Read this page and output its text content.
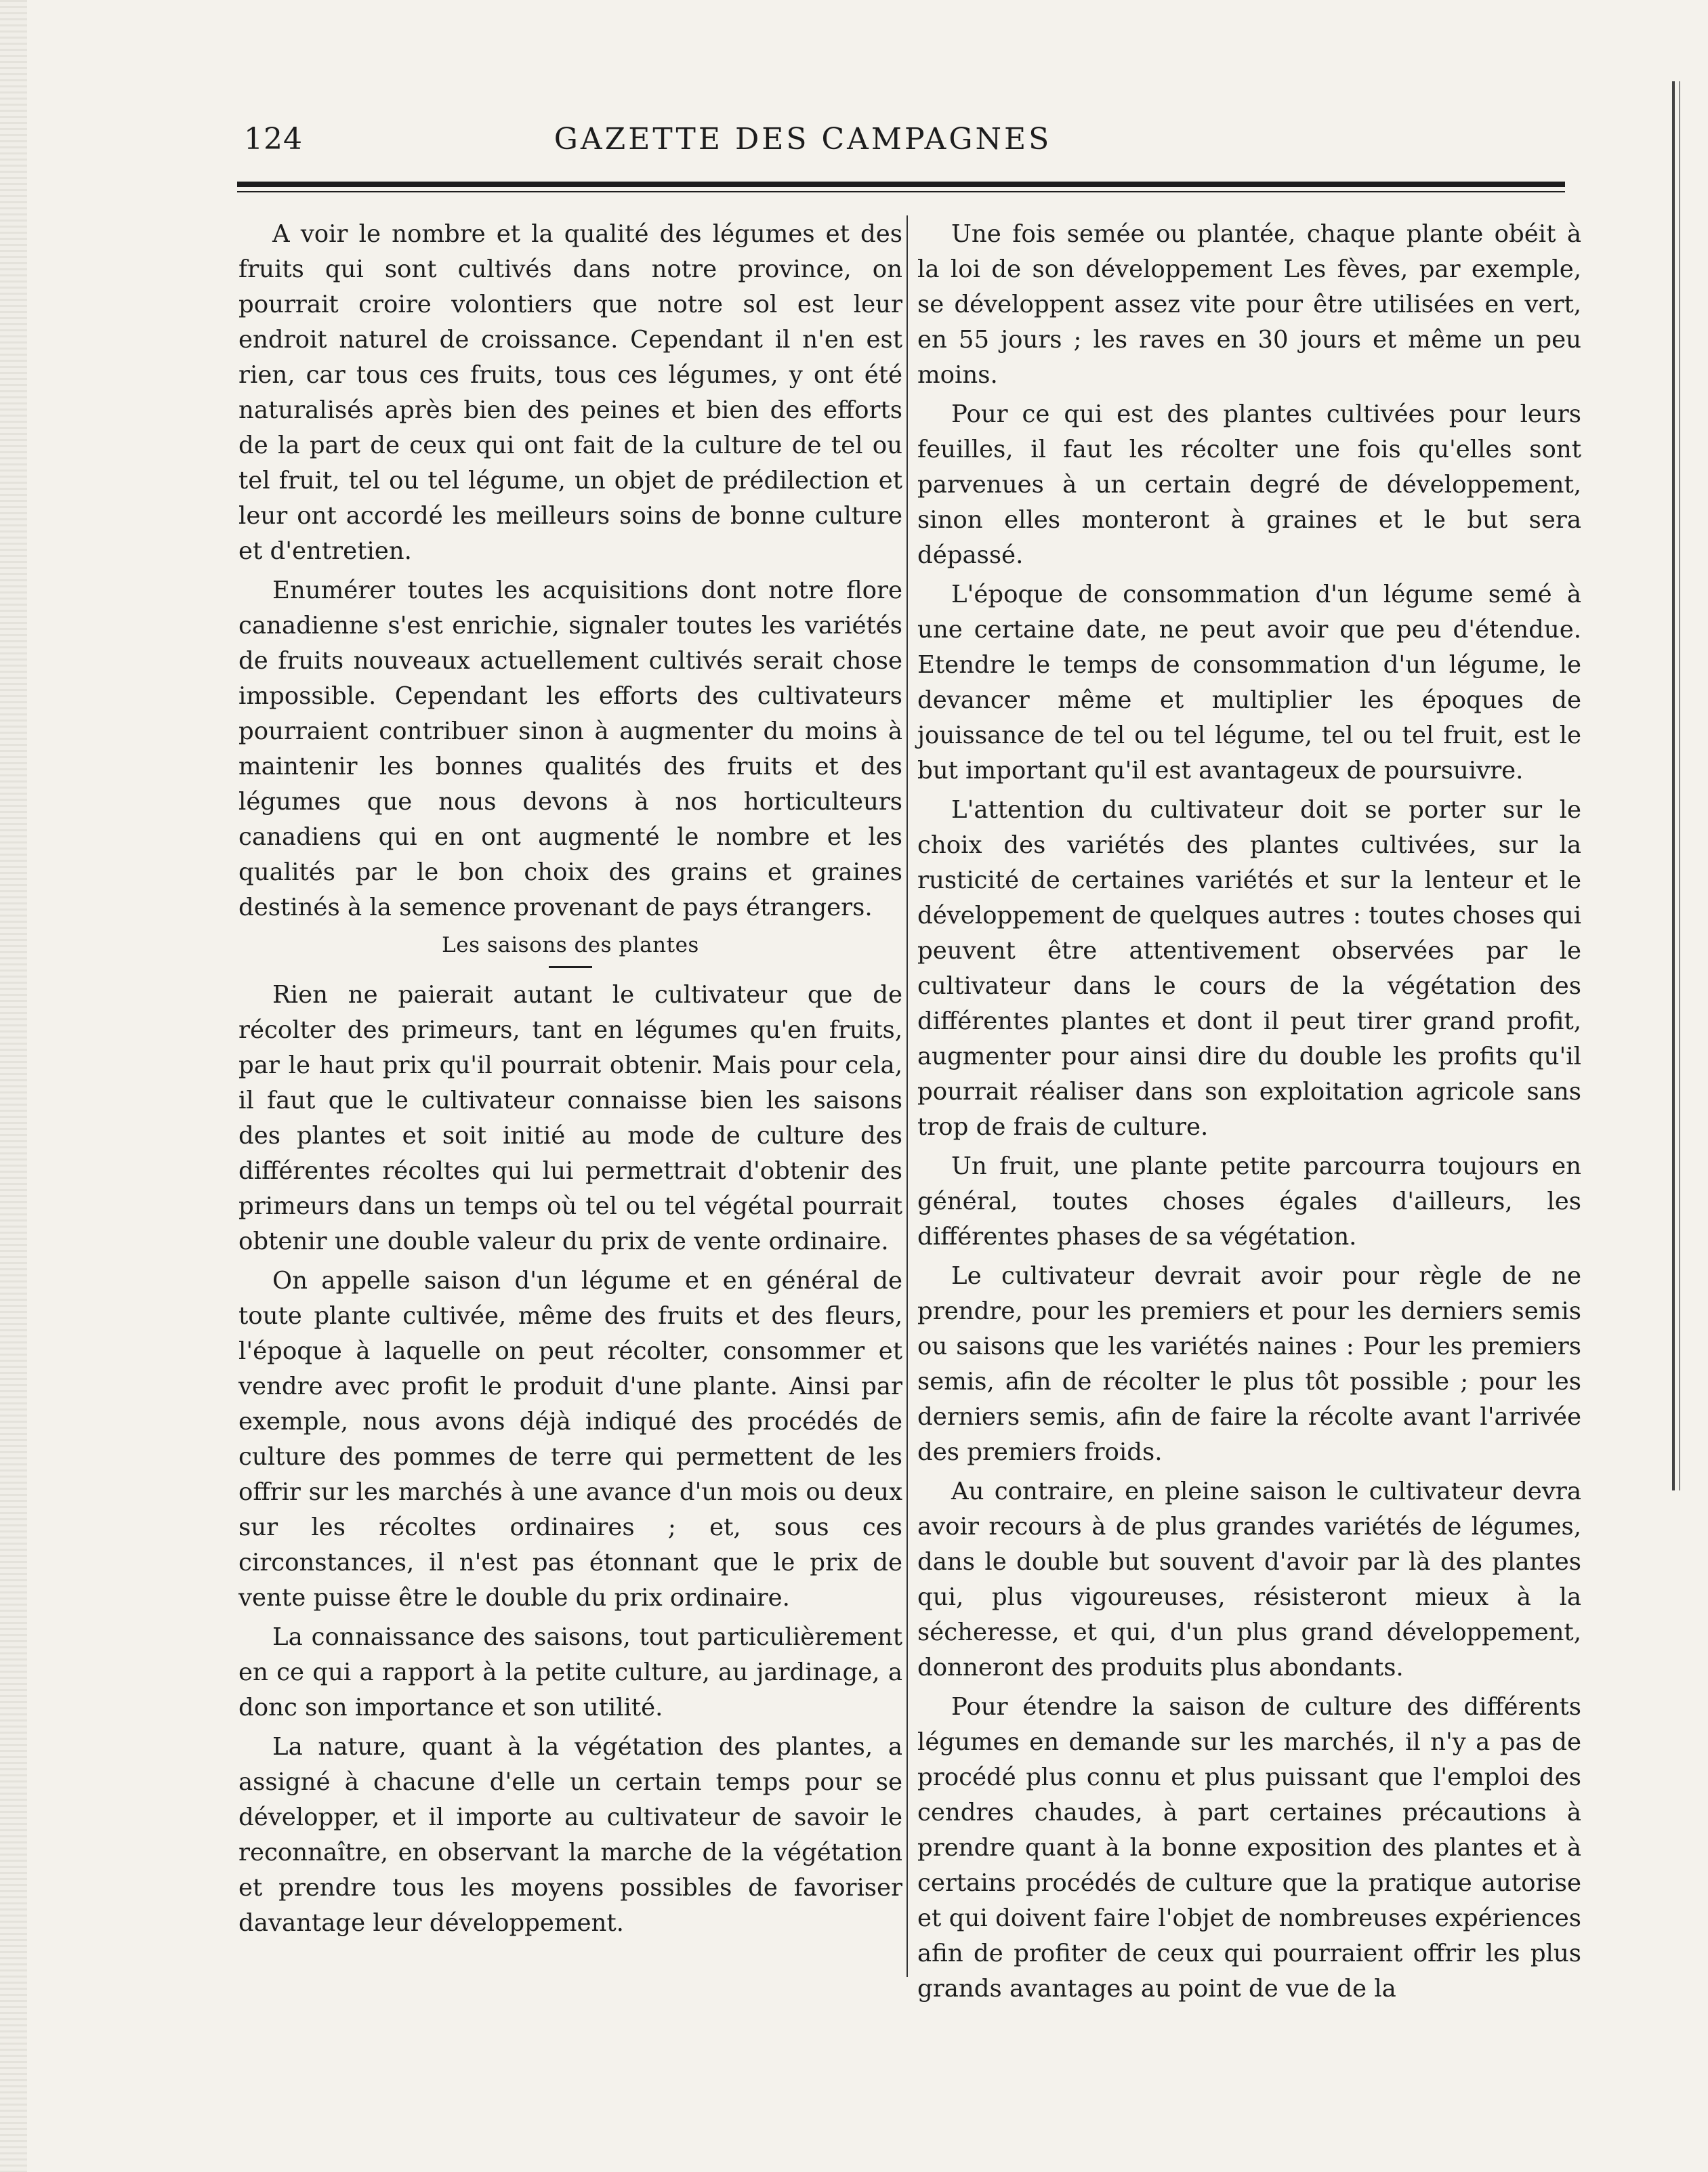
124	GAZETTE DES CAMPAGNES

A voir le nombre et la qualité des légumes et des fruits qui sont cultivés dans notre province, on pourrait croire volontiers que notre sol est leur endroit naturel de croissance. Cependant il n'en est rien, car tous ces fruits, tous ces légumes, y ont été naturalisés après bien des peines et bien des efforts de la part de ceux qui ont fait de la culture de tel ou tel fruit, tel ou tel légume, un objet de prédilection et leur ont accordé les meilleurs soins de bonne culture et d'entretien.

Enumérer toutes les acquisitions dont notre flore canadienne s'est enrichie, signaler toutes les variétés de fruits nouveaux actuellement cultivés serait chose impossible. Cependant les efforts des cultivateurs pourraient contribuer sinon à augmenter du moins à maintenir les bonnes qualités des fruits et des légumes que nous devons à nos horticulteurs canadiens qui en ont augmenté le nombre et les qualités par le bon choix des grains et graines destinés à la semence provenant de pays étrangers.

Les saisons des plantes

Rien ne paierait autant le cultivateur que de récolter des primeurs, tant en légumes qu'en fruits, par le haut prix qu'il pourrait obtenir. Mais pour cela, il faut que le cultivateur connaisse bien les saisons des plantes et soit initié au mode de culture des différentes récoltes qui lui permettrait d'obtenir des primeurs dans un temps où tel ou tel végétal pourrait obtenir une double valeur du prix de vente ordinaire.

On appelle saison d'un légume et en général de toute plante cultivée, même des fruits et des fleurs, l'époque à laquelle on peut récolter, consommer et vendre avec profit le produit d'une plante. Ainsi par exemple, nous avons déjà indiqué des procédés de culture des pommes de terre qui permettent de les offrir sur les marchés à une avance d'un mois ou deux sur les récoltes ordinaires ; et, sous ces circonstances, il n'est pas étonnant que le prix de vente puisse être le double du prix ordinaire.

La connaissance des saisons, tout particulièrement en ce qui a rapport à la petite culture, au jardinage, a donc son importance et son utilité.

La nature, quant à la végétation des plantes, a assigné à chacune d'elle un certain temps pour se développer, et il importe au cultivateur de savoir le reconnaître, en observant la marche de la végétation et prendre tous les moyens possibles de favoriser davantage leur développement.

Une fois semée ou plantée, chaque plante obéit à la loi de son développement Les fèves, par exemple, se développent assez vite pour être utilisées en vert, en 55 jours ; les raves en 30 jours et même un peu moins.

Pour ce qui est des plantes cultivées pour leurs feuilles, il faut les récolter une fois qu'elles sont parvenues à un certain degré de développement, sinon elles monteront à graines et le but sera dépassé.

L'époque de consommation d'un légume semé à une certaine date, ne peut avoir que peu d'étendue. Etendre le temps de consommation d'un légume, le devancer même et multiplier les époques de jouissance de tel ou tel légume, tel ou tel fruit, est le but important qu'il est avantageux de poursuivre.

L'attention du cultivateur doit se porter sur le choix des variétés des plantes cultivées, sur la rusticité de certaines variétés et sur la lenteur et le développement de quelques autres : toutes choses qui peuvent être attentivement observées par le cultivateur dans le cours de la végétation des différentes plantes et dont il peut tirer grand profit, augmenter pour ainsi dire du double les profits qu'il pourrait réaliser dans son exploitation agricole sans trop de frais de culture.

Un fruit, une plante petite parcourra toujours en général, toutes choses égales d'ailleurs, les différentes phases de sa végétation.

Le cultivateur devrait avoir pour règle de ne prendre, pour les premiers et pour les derniers semis ou saisons que les variétés naines : Pour les premiers semis, afin de récolter le plus tôt possible ; pour les derniers semis, afin de faire la récolte avant l'arrivée des premiers froids.

Au contraire, en pleine saison le cultivateur devra avoir recours à de plus grandes variétés de légumes, dans le double but souvent d'avoir par là des plantes qui, plus vigoureuses, résisteront mieux à la sécheresse, et qui, d'un plus grand développement, donneront des produits plus abondants.

Pour étendre la saison de culture des différents légumes en demande sur les marchés, il n'y a pas de procédé plus connu et plus puissant que l'emploi des cendres chaudes, à part certaines précautions à prendre quant à la bonne exposition des plantes et à certains procédés de culture que la pratique autorise et qui doivent faire l'objet de nombreuses expériences afin de profiter de ceux qui pourraient offrir les plus grands avantages au point de vue de la
